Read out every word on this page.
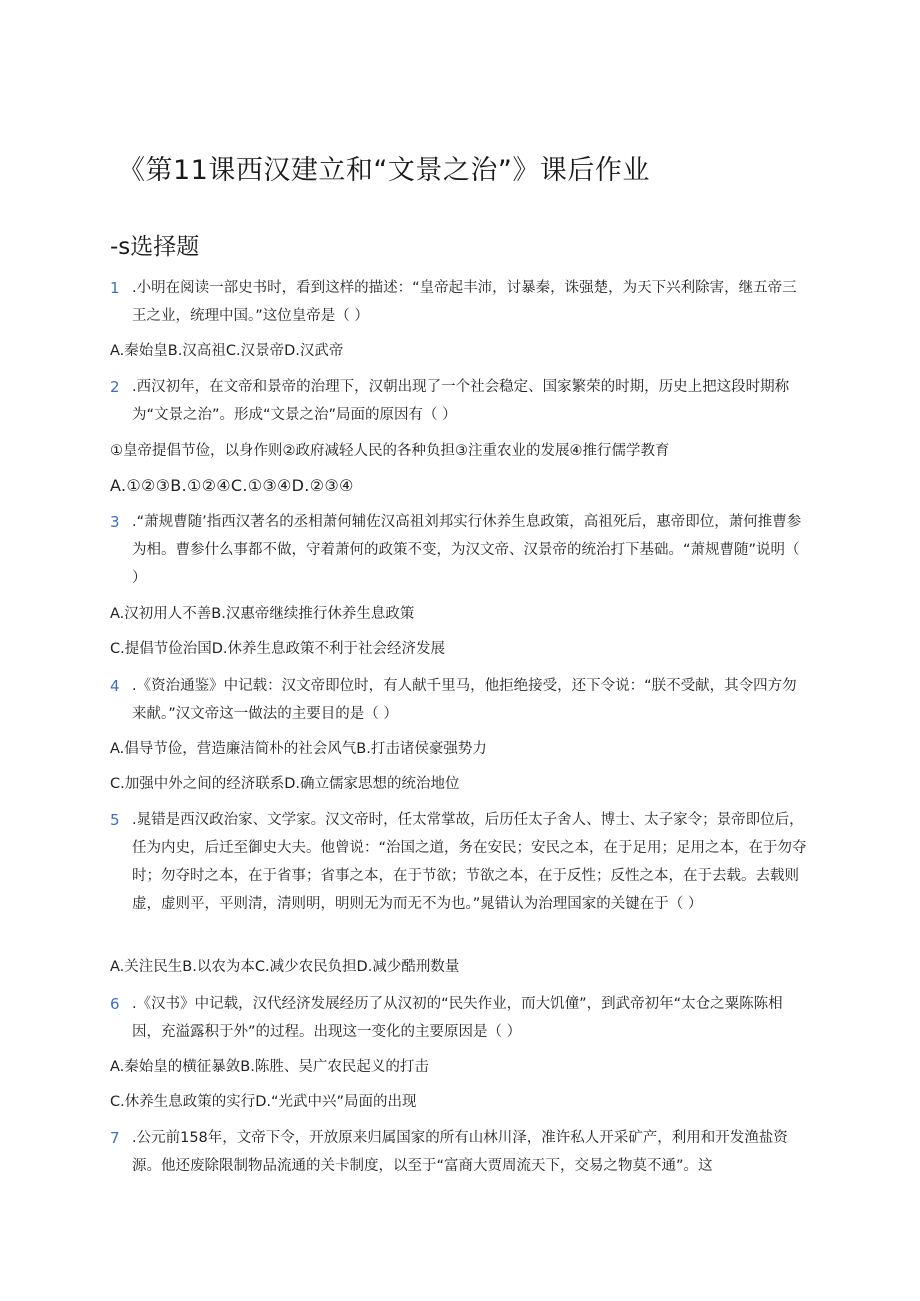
《第11课西汉建立和“文景之治”》课后作业
-s选择题
1 .小明在阅读一部史书时，看到这样的描述：“皇帝起丰沛，讨暴秦，诛强楚，为天下兴利除害，继五帝三王之业，统理中国。”这位皇帝是（ ）
A.秦始皇B.汉高祖C.汉景帝D.汉武帝
2 .西汉初年，在文帝和景帝的治理下，汉朝出现了一个社会稳定、国家繁荣的时期，历史上把这段时期称为“文景之治”。形成“文景之治”局面的原因有（ ）
①皇帝提倡节俭，以身作则②政府减轻人民的各种负担③注重农业的发展④推行儒学教育
A.①②③B.①②④C.①③④D.②③④
3 .“萧规曹随’指西汉著名的丞相萧何辅佐汉高祖刘邦实行休养生息政策，高祖死后，惠帝即位，萧何推曹参为相。曹参什么事都不做，守着萧何的政策不变，为汉文帝、汉景帝的统治打下基础。“萧规曹随”说明（ ）
A.汉初用人不善B.汉惠帝继续推行休养生息政策
C.提倡节俭治国D.休养生息政策不利于社会经济发展
4 .《资治通鉴》中记载：汉文帝即位时，有人献千里马，他拒绝接受，还下令说：“朕不受献，其令四方勿来献。”汉文帝这一做法的主要目的是（ ）
A.倡导节俭，营造廉洁简朴的社会风气B.打击诸侯豪强势力
C.加强中外之间的经济联系D.确立儒家思想的统治地位
5 .晁错是西汉政治家、文学家。汉文帝时，任太常掌故，后历任太子舍人、博士、太子家令；景帝即位后，任为内史，后迁至御史大夫。他曾说：“治国之道，务在安民；安民之本，在于足用；足用之本，在于勿夺时；勿夺时之本，在于省事；省事之本，在于节欲；节欲之本，在于反性；反性之本，在于去载。去载则虚，虚则平，平则清，清则明，明则无为而无不为也。”晁错认为治理国家的关键在于（ ）
A.关注民生B.以农为本C.减少农民负担D.减少酷刑数量
6 .《汉书》中记载，汉代经济发展经历了从汉初的“民失作业，而大饥僮”，到武帝初年“太仓之粟陈陈相因，充溢露积于外”的过程。出现这一变化的主要原因是（ ）
A.秦始皇的横征暴敛B.陈胜、吴广农民起义的打击
C.休养生息政策的实行D.“光武中兴”局面的出现
7 .公元前158年，文帝下令，开放原来归属国家的所有山林川泽，准许私人开采矿产，利用和开发渔盐资源。他还废除限制物品流通的关卡制度，以至于“富商大贾周流天下，交易之物莫不通”。这
